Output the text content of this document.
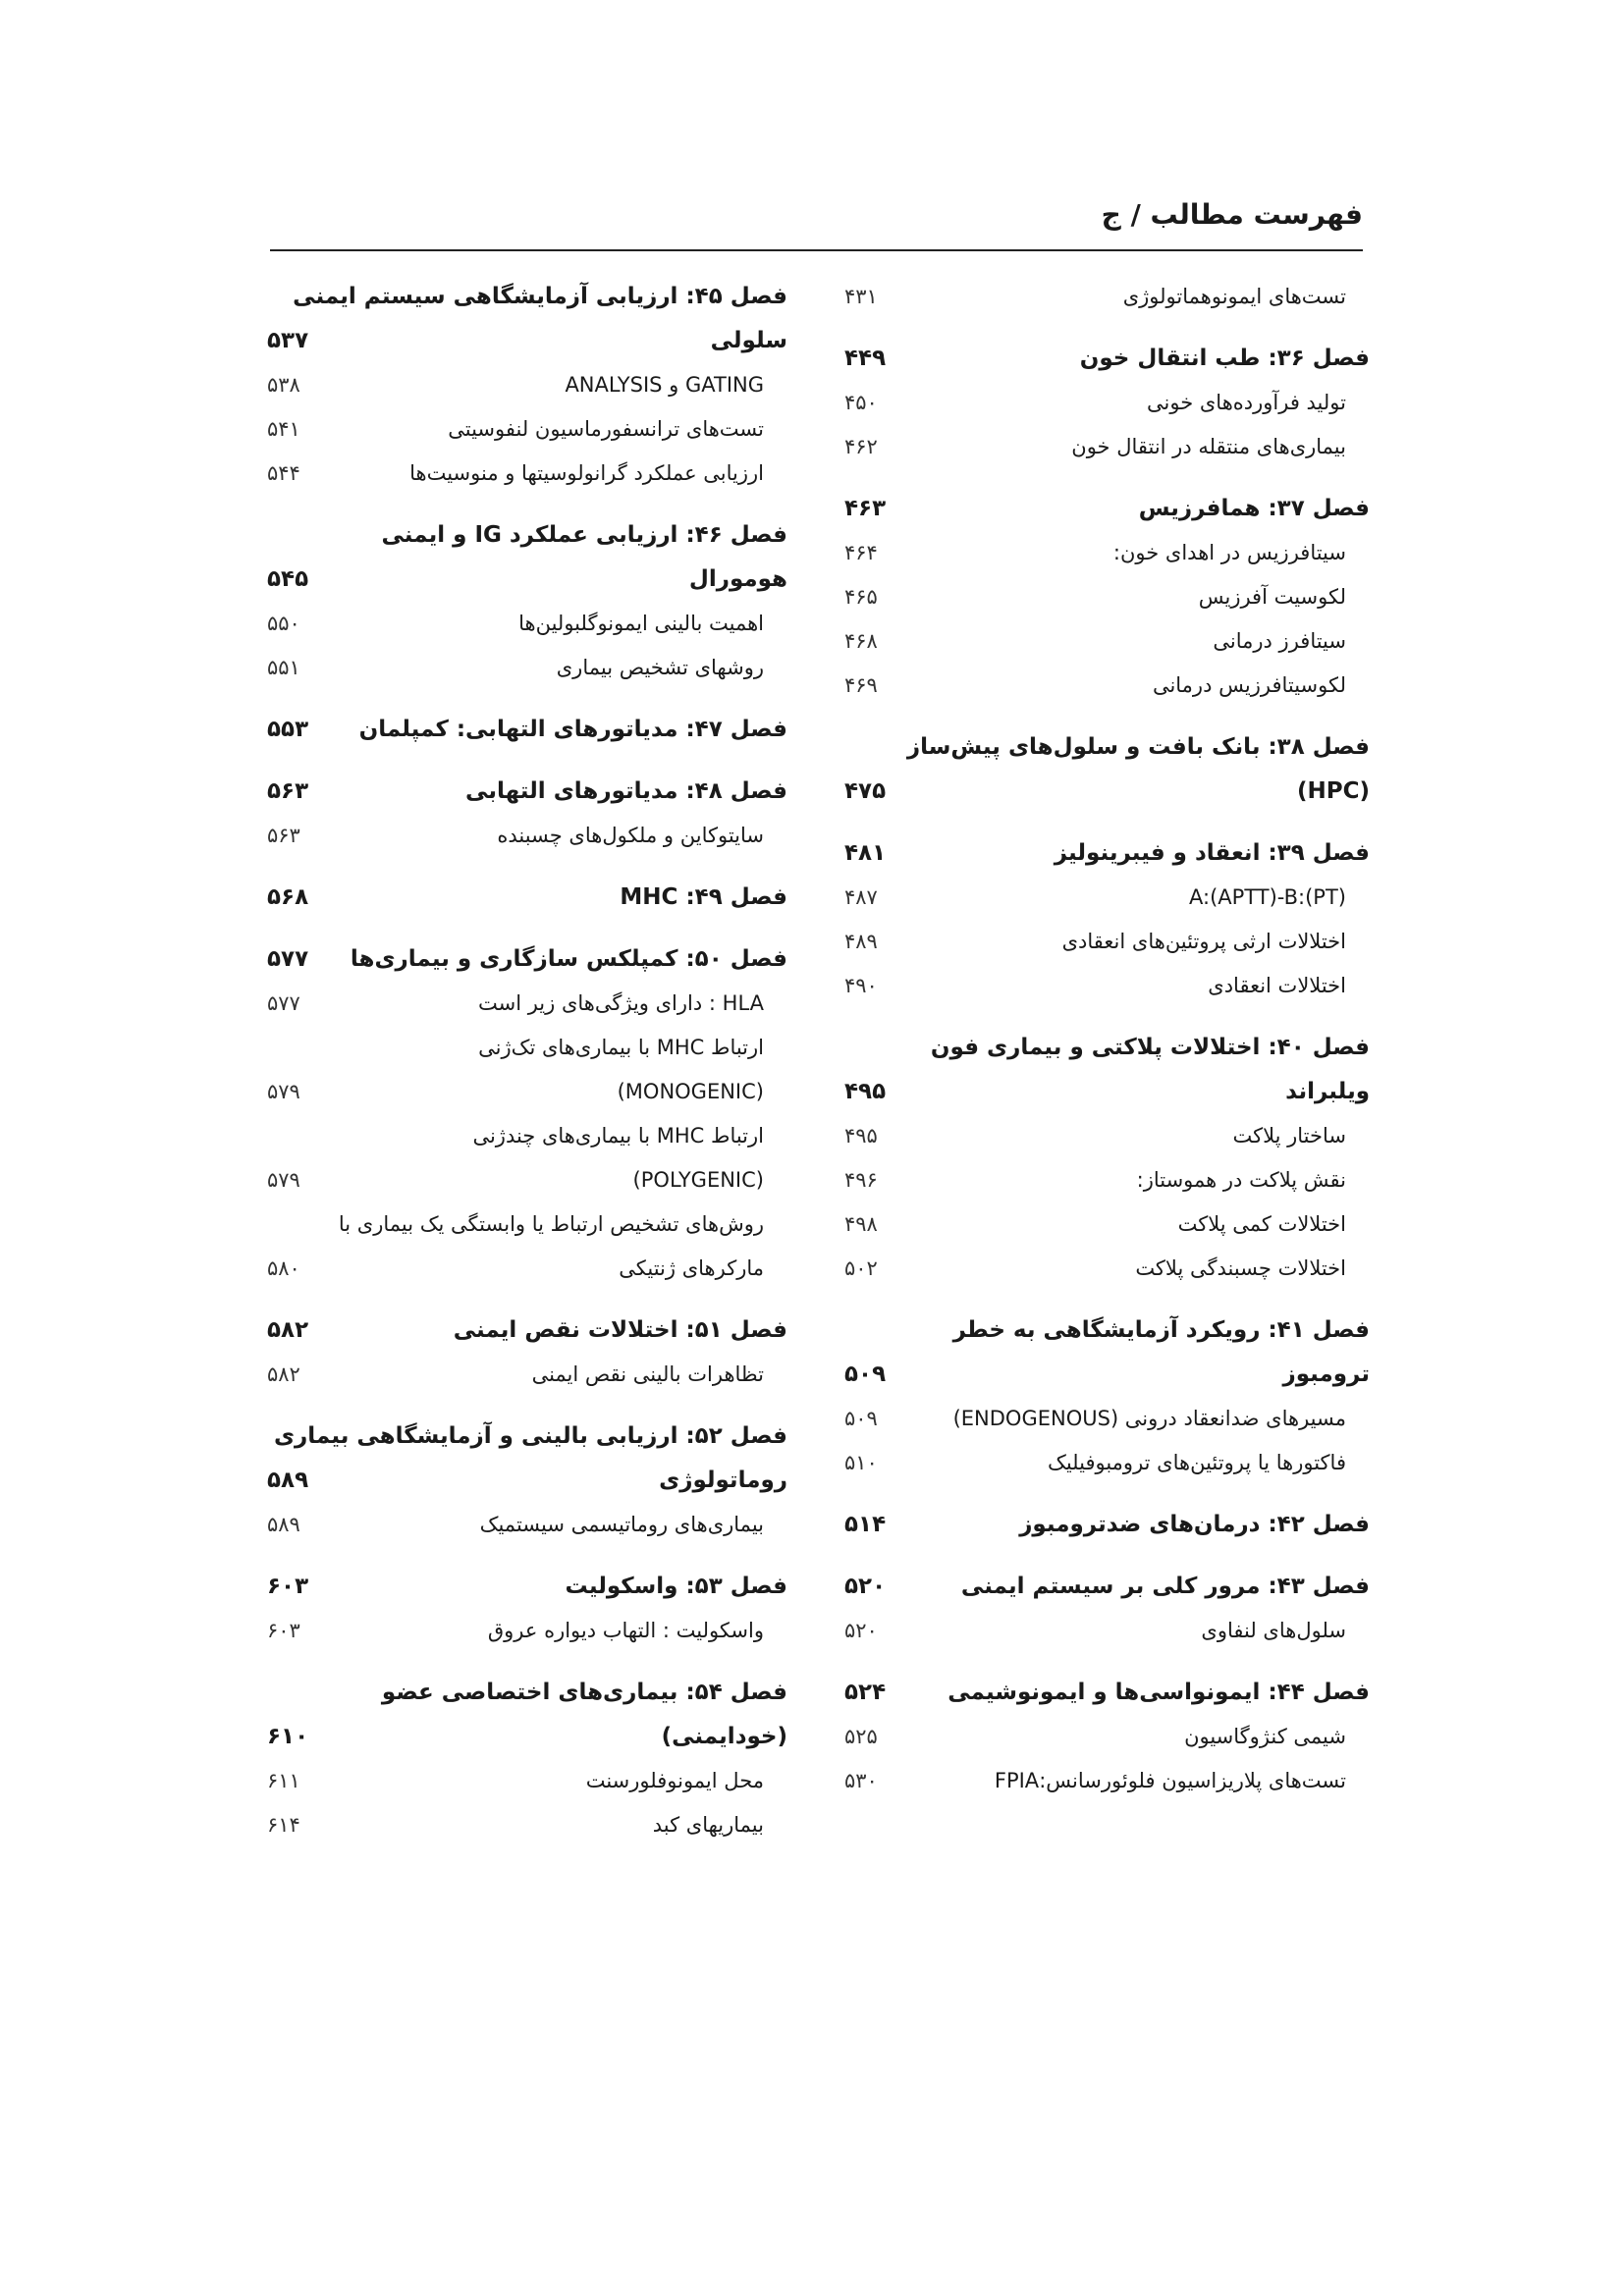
فهرست مطالب / ج
تست‌های ایمونوهماتولوژی
۴۳۱
فصل ۳۶: طب انتقال خون
۴۴۹
تولید فرآورده‌های خونی
۴۵۰
بیماری‌های منتقله در انتقال خون
۴۶۲
فصل ۳۷: همافرزیس
۴۶۳
سیتافرزیس در اهدای خون:
۴۶۴
لکوسیت آفرزیس
۴۶۵
سیتافرز درمانی
۴۶۸
لکوسیتافرزیس درمانی
۴۶۹
فصل ۳۸: بانک بافت و سلول‌های پیش‌ساز
(HPC)
۴۷۵
فصل ۳۹: انعقاد و فیبرینولیز
۴۸۱
A:(APTT)-B:(PT)
۴۸۷
اختلالات ارثی پروتئین‌های انعقادی
۴۸۹
اختلالات انعقادی
۴۹۰
فصل ۴۰: اختلالات پلاکتی و بیماری فون
ویلبراند
۴۹۵
ساختار پلاکت
۴۹۵
نقش پلاکت در هموستاز:
۴۹۶
اختلالات کمی پلاکت
۴۹۸
اختلالات چسبندگی پلاکت
۵۰۲
فصل ۴۱: رویکرد آزمایشگاهی به خطر
ترومبوز
۵۰۹
مسیرهای ضدانعقاد درونی (ENDOGENOUS)
۵۰۹
فاکتورها یا پروتئین‌های ترومبوفیلیک
۵۱۰
فصل ۴۲: درمان‌های ضدترومبوز
۵۱۴
فصل ۴۳: مرور کلی بر سیستم ایمنی
۵۲۰
سلول‌های لنفاوی
۵۲۰
فصل ۴۴: ایمونواسی‌ها و ایمونوشیمی
۵۲۴
شیمی کنژوگاسیون
۵۲۵
تست‌های پلاریزاسیون فلوئورسانس:FPIA
۵۳۰
فصل ۴۵: ارزیابی آزمایشگاهی سیستم ایمنی
سلولی
۵۳۷
GATING و ANALYSIS
۵۳۸
تست‌های ترانسفورماسیون لنفوسیتی
۵۴۱
ارزیابی عملکرد گرانولوسیتها و منوسیت‌ها
۵۴۴
فصل ۴۶: ارزیابی عملکرد IG و ایمنی
هومورال
۵۴۵
اهمیت بالینی ایمونوگلبولین‌ها
۵۵۰
روشهای تشخیص بیماری
۵۵۱
فصل ۴۷: مدیاتورهای التهابی: کمپلمان
۵۵۳
فصل ۴۸: مدیاتورهای التهابی
۵۶۳
سایتوکاین و ملکول‌های چسبنده
۵۶۳
فصل ۴۹: MHC
۵۶۸
فصل ۵۰: کمپلکس سازگاری و بیماری‌ها
۵۷۷
HLA : دارای ویژگی‌های زیر است
۵۷۷
ارتباط MHC با بیماری‌های تک‌ژنی
(MONOGENIC)
۵۷۹
ارتباط MHC با بیماری‌های چندژنی
(POLYGENIC)
۵۷۹
روش‌های تشخیص ارتباط یا وابستگی یک بیماری با
مارکرهای ژنتیکی
۵۸۰
فصل ۵۱: اختلالات نقص ایمنی
۵۸۲
تظاهرات بالینی نقص ایمنی
۵۸۲
فصل ۵۲: ارزیابی بالینی و آزمایشگاهی بیماری
روماتولوژی
۵۸۹
بیماری‌های روماتیسمی سیستمیک
۵۸۹
فصل ۵۳: واسکولیت
۶۰۳
واسکولیت : التهاب دیواره عروق
۶۰۳
فصل ۵۴: بیماری‌های اختصاصی عضو
(خودایمنی)
۶۱۰
محل ایمونوفلورسنت
۶۱۱
بیماریهای کبد
۶۱۴
